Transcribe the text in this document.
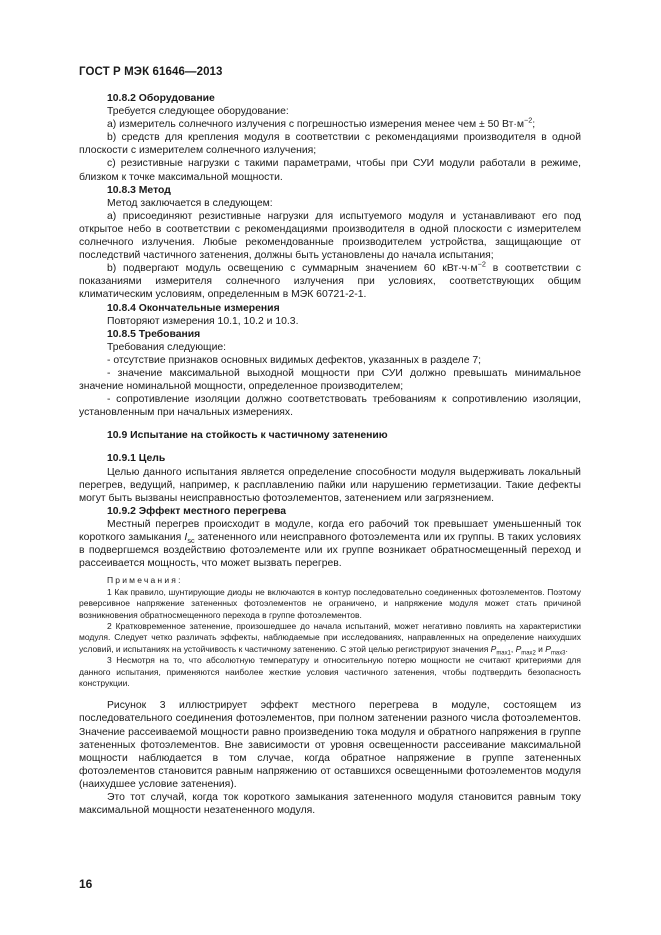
ГОСТ Р МЭК 61646—2013

10.8.2 Оборудование

Требуется следующее оборудование:

a) измеритель солнечного излучения с погрешностью измерения менее чем ± 50 $Вт\cdot м^{-2}$;

b) средств для крепления модуля в соответствии с рекомендациями производителя в одной плоскости с измерителем солнечного излучения;

c) резистивные нагрузки с такими параметрами, чтобы при СУИ модули работали в режиме, близком к точке максимальной мощности.

10.8.3 Метод

Метод заключается в следующем:

a) присоединяют резистивные нагрузки для испытуемого модуля и устанавливают его под открытое небо в соответствии с рекомендациями производителя в одной плоскости с измерителем солнечного излучения. Любые рекомендованные производителем устройства, защищающие от последствий частичного затенения, должны быть установлены до начала испытания;

b) подвергают модуль освещению с суммарным значением 60 $кВт\cdot ч\cdot м^{-2}$ в соответствии с показаниями измерителя солнечного излучения при условиях, соответствующих общим климатическим условиям, определенным в МЭК 60721-2-1.

10.8.4 Окончательные измерения

Повторяют измерения 10.1, 10.2 и 10.3.

10.8.5 Требования

Требования следующие:

- отсутствие признаков основных видимых дефектов, указанных в разделе 7;

- значение максимальной выходной мощности при СУИ должно превышать минимальное значение номинальной мощности, определенное производителем;

- сопротивление изоляции должно соответствовать требованиям к сопротивлению изоляции, установленным при начальных измерениях.

10.9 Испытание на стойкость к частичному затенению

10.9.1 Цель

Целью данного испытания является определение способности модуля выдерживать локальный перегрев, ведущий, например, к расплавлению пайки или нарушению герметизации. Такие дефекты могут быть вызваны неисправностью фотоэлементов, затенением или загрязнением.

10.9.2 Эффект местного перегрева

Местный перегрев происходит в модуле, когда его рабочий ток превышает уменьшенный ток короткого замыкания $I_{sc}$ затененного или неисправного фотоэлемента или их группы. В таких условиях в подвергшемся воздействию фотоэлементе или их группе возникает обратносмещенный переход и рассеивается мощность, что может вызвать перегрев.

Примечания:

1 Как правило, шунтирующие диоды не включаются в контур последовательно соединенных фотоэлементов. Поэтому реверсивное напряжение затененных фотоэлементов не ограничено, и напряжение модуля может стать причиной возникновения обратносмещенного перехода в группе фотоэлементов.

2 Кратковременное затенение, произошедшее до начала испытаний, может негативно повлиять на характеристики модуля. Следует четко различать эффекты, наблюдаемые при исследованиях, направленных на определение наихудших условий, и испытаниях на устойчивость к частичному затенению. С этой целью регистрируют значения $P_{max1}$, $P_{max2}$ и $P_{max3}$.

3 Несмотря на то, что абсолютную температуру и относительную потерю мощности не считают критериями для данного испытания, применяются наиболее жесткие условия частичного затенения, чтобы подтвердить безопасность конструкции.

Рисунок 3 иллюстрирует эффект местного перегрева в модуле, состоящем из последовательного соединения фотоэлементов, при полном затенении разного числа фотоэлементов. Значение рассеиваемой мощности равно произведению тока модуля и обратного напряжения в группе затененных фотоэлементов. Вне зависимости от уровня освещенности рассеивание максимальной мощности наблюдается в том случае, когда обратное напряжение в группе затененных фотоэлементов становится равным напряжению от оставшихся освещенными фотоэлементов модуля (наихудшее условие затенения).

Это тот случай, когда ток короткого замыкания затененного модуля становится равным току максимальной мощности незатененного модуля.

16
